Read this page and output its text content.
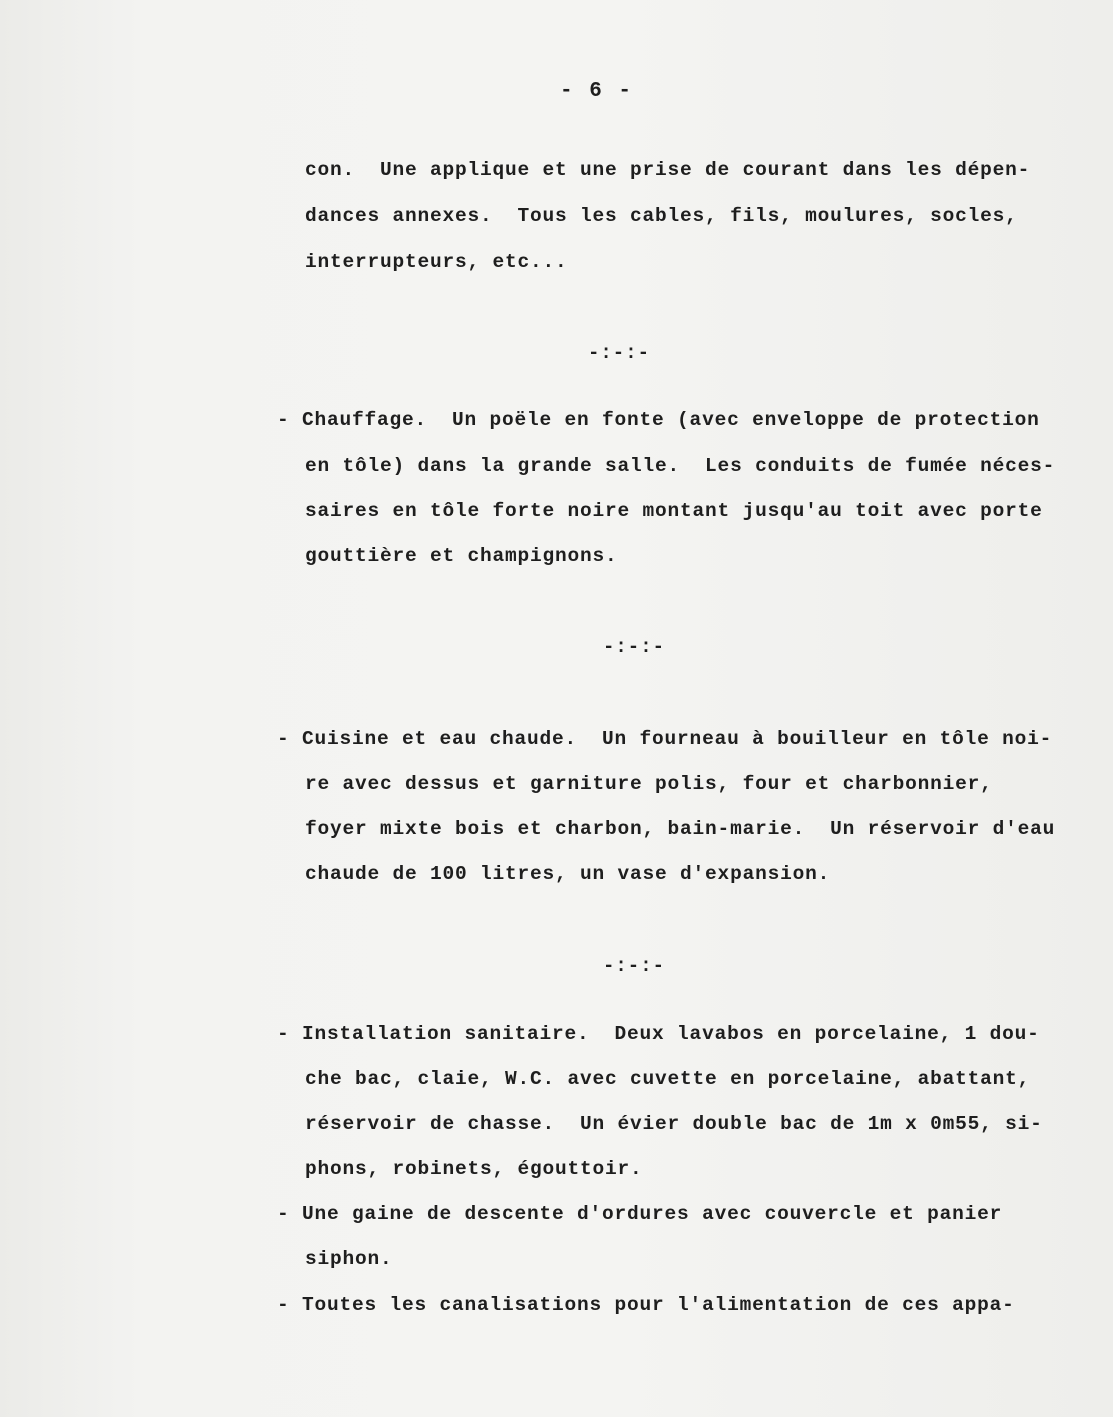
- 6 -
con.  Une applique et une prise de courant dans les dépen-
dances annexes.  Tous les cables, fils, moulures, socles,
interrupteurs, etc...
-:-:-
- Chauffage.  Un poële en fonte (avec enveloppe de protection
en tôle) dans la grande salle.  Les conduits de fumée néces-
saires en tôle forte noire montant jusqu'au toit avec porte
gouttière et champignons.
-:-:-
- Cuisine et eau chaude.  Un fourneau à bouilleur en tôle noi-
re avec dessus et garniture polis, four et charbonnier,
foyer mixte bois et charbon, bain-marie.  Un réservoir d'eau
chaude de 100 litres, un vase d'expansion.
-:-:-
- Installation sanitaire.  Deux lavabos en porcelaine, 1 dou-
che bac, claie, W.C. avec cuvette en porcelaine, abattant,
réservoir de chasse.  Un évier double bac de 1m x 0m55, si-
phons, robinets, égouttoir.
- Une gaine de descente d'ordures avec couvercle et panier
siphon.
- Toutes les canalisations pour l'alimentation de ces appa-
